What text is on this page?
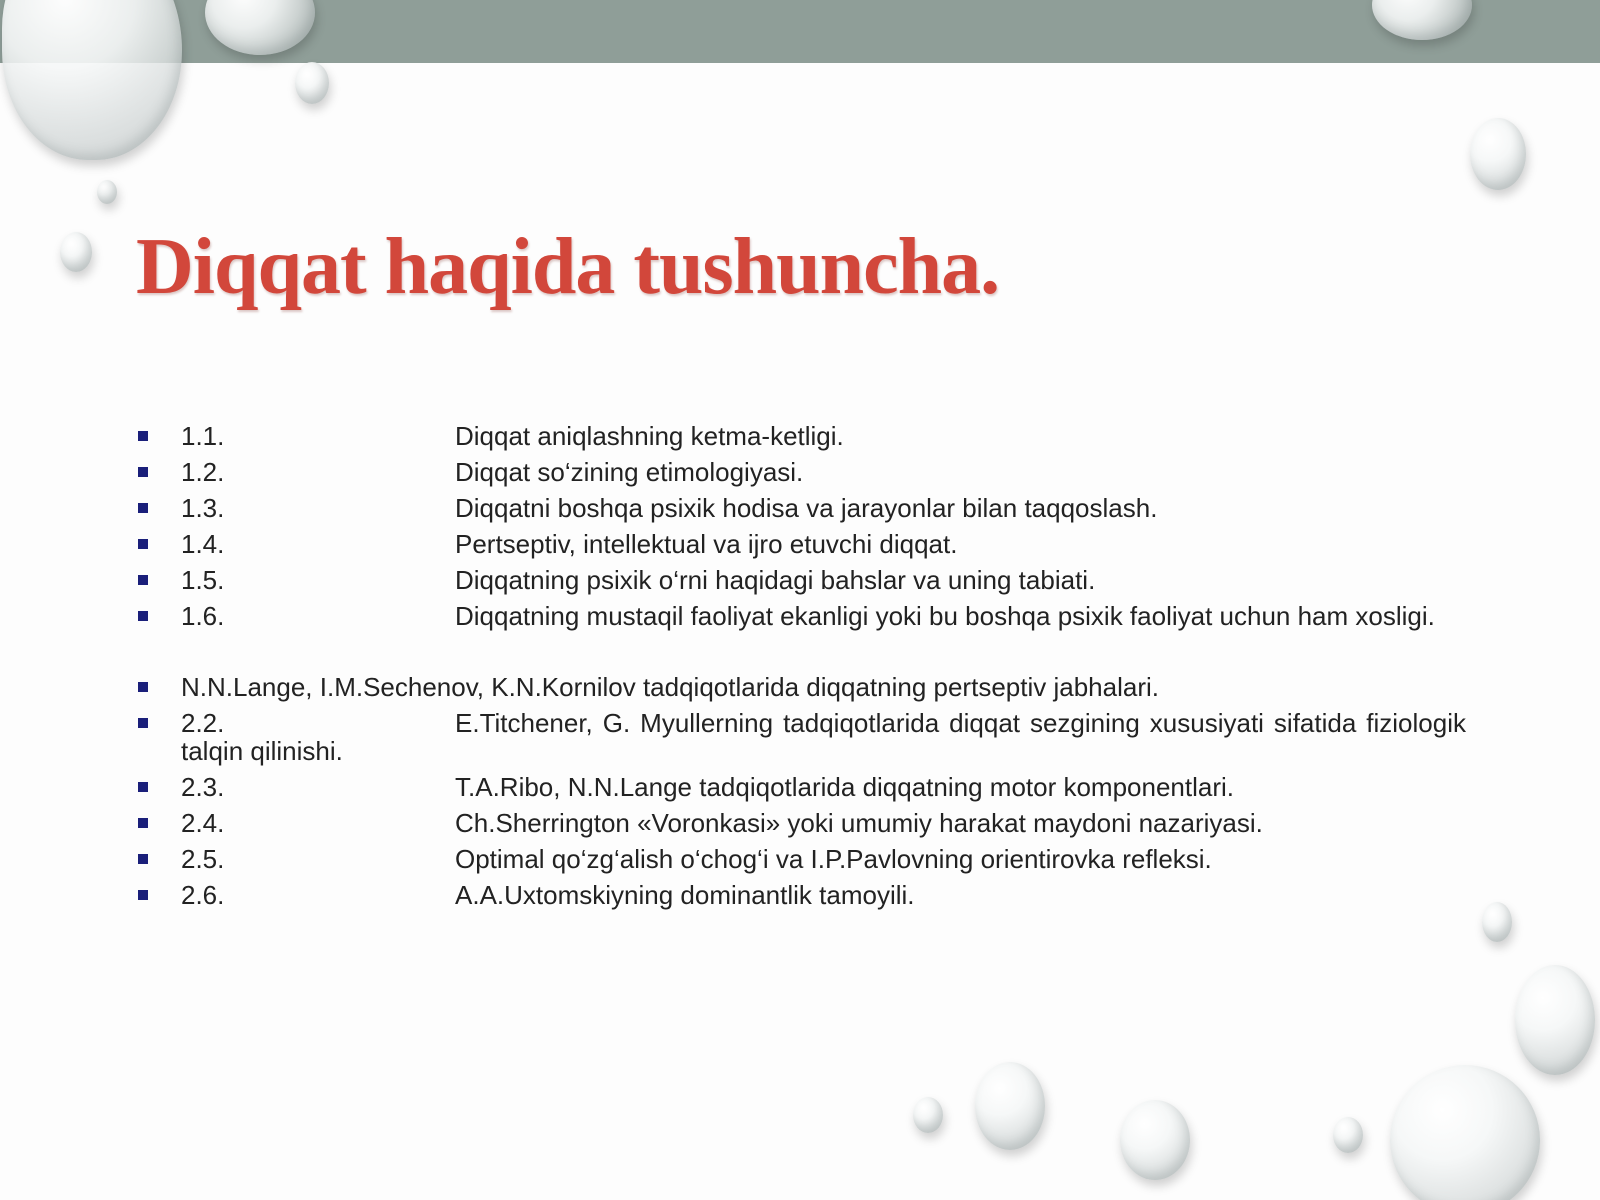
Diqqat haqida tushuncha.
1.1.	Diqqat aniqlashning ketma-ketligi.
1.2.	Diqqat so‘zining etimologiyasi.
1.3.	Diqqatni boshqa psixik hodisa va jarayonlar bilan taqqoslash.
1.4.	Pertseptiv, intellektual va ijro etuvchi diqqat.
1.5.	Diqqatning psixik o‘rni haqidagi bahslar va uning tabiati.
1.6.	Diqqatning mustaqil faoliyat ekanligi yoki bu boshqa psixik faoliyat uchun ham xosligi.
N.N.Lange, I.M.Sechenov, K.N.Kornilov tadqiqotlarida diqqatning pertseptiv jabhalari.
2.2.	E.Titchener, G. Myullerning tadqiqotlarida diqqat sezgining xususiyati sifatida fiziologik talqin qilinishi.
2.3.	T.A.Ribo, N.N.Lange tadqiqotlarida diqqatning motor komponentlari.
2.4.	Ch.Sherrington «Voronkasi» yoki umumiy harakat maydoni nazariyasi.
2.5.	Optimal qo‘zg‘alish o‘chog‘i va I.P.Pavlovning orientirovka refleksi.
2.6.	A.A.Uxtomskiyning dominantlik tamoyili.
